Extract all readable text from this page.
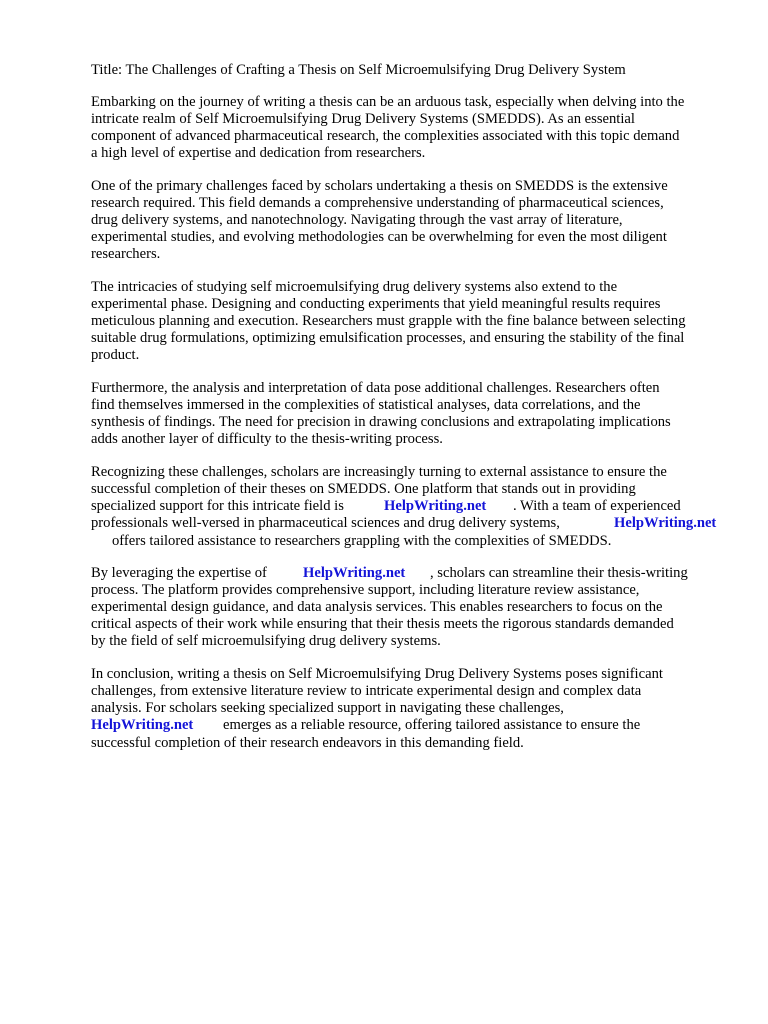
Title: The Challenges of Crafting a Thesis on Self Microemulsifying Drug Delivery System
Embarking on the journey of writing a thesis can be an arduous task, especially when delving into the
intricate realm of Self Microemulsifying Drug Delivery Systems (SMEDDS). As an essential
component of advanced pharmaceutical research, the complexities associated with this topic demand
a high level of expertise and dedication from researchers.
One of the primary challenges faced by scholars undertaking a thesis on SMEDDS is the extensive
research required. This field demands a comprehensive understanding of pharmaceutical sciences,
drug delivery systems, and nanotechnology. Navigating through the vast array of literature,
experimental studies, and evolving methodologies can be overwhelming for even the most diligent
researchers.
The intricacies of studying self microemulsifying drug delivery systems also extend to the
experimental phase. Designing and conducting experiments that yield meaningful results requires
meticulous planning and execution. Researchers must grapple with the fine balance between selecting
suitable drug formulations, optimizing emulsification processes, and ensuring the stability of the final
product.
Furthermore, the analysis and interpretation of data pose additional challenges. Researchers often
find themselves immersed in the complexities of statistical analyses, data correlations, and the
synthesis of findings. The need for precision in drawing conclusions and extrapolating implications
adds another layer of difficulty to the thesis-writing process.
Recognizing these challenges, scholars are increasingly turning to external assistance to ensure the
successful completion of their theses on SMEDDS. One platform that stands out in providing
specialized support for this intricate field is	HelpWriting.net . With a team of experienced
professionals well-versed in pharmaceutical sciences and drug delivery systems,	HelpWriting.net
offers tailored assistance to researchers grappling with the complexities of SMEDDS.
By leveraging the expertise of HelpWriting.net , scholars can streamline their thesis-writing
process. The platform provides comprehensive support, including literature review assistance,
experimental design guidance, and data analysis services. This enables researchers to focus on the
critical aspects of their work while ensuring that their thesis meets the rigorous standards demanded
by the field of self microemulsifying drug delivery systems.
In conclusion, writing a thesis on Self Microemulsifying Drug Delivery Systems poses significant
challenges, from extensive literature review to intricate experimental design and complex data
analysis. For scholars seeking specialized support in navigating these challenges,
HelpWriting.net emerges as a reliable resource, offering tailored assistance to ensure the
successful completion of their research endeavors in this demanding field.
